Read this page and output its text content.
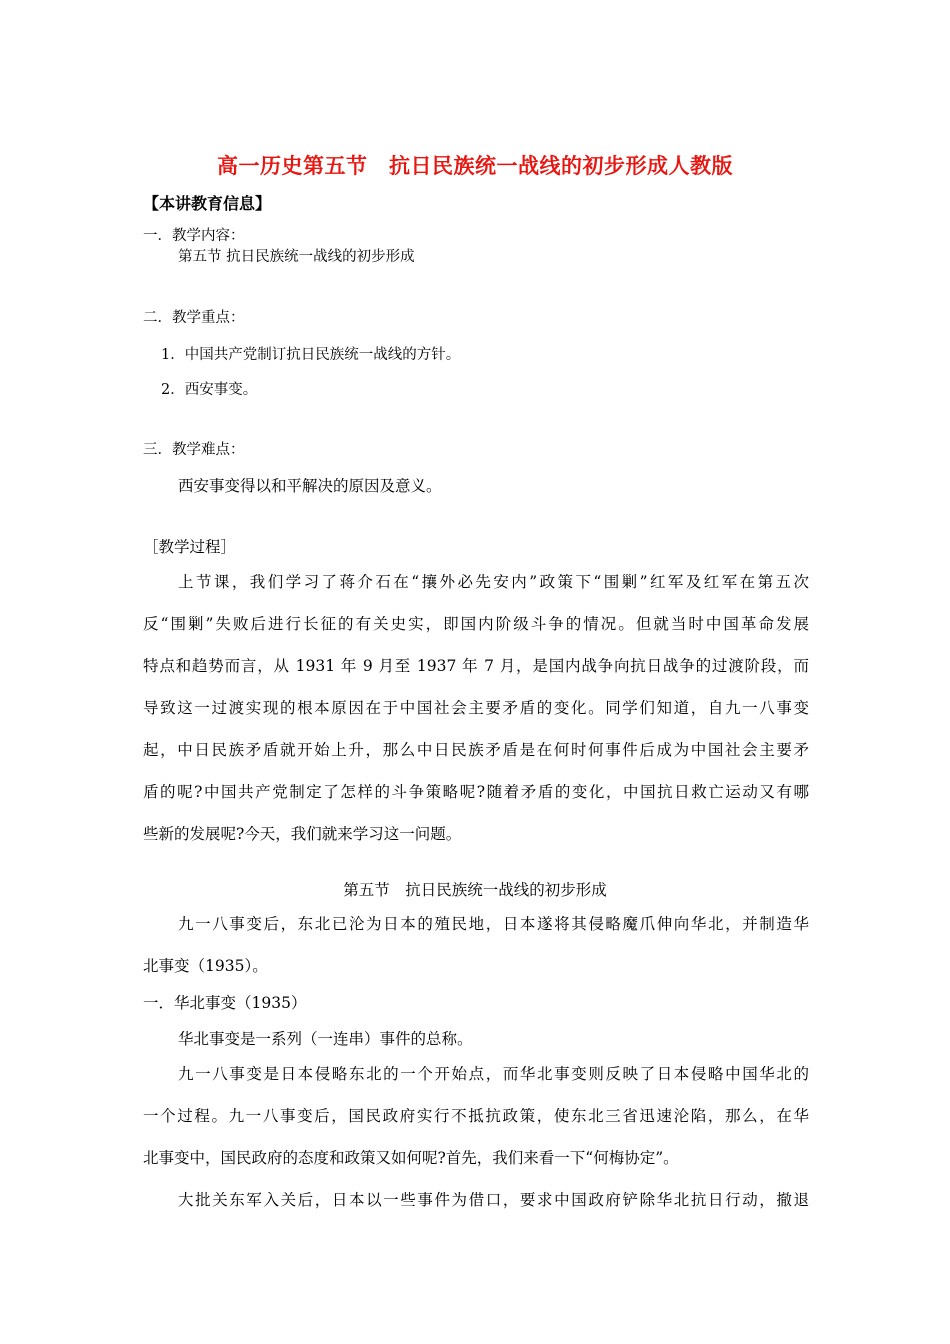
高一历史第五节　抗日民族统一战线的初步形成人教版
【本讲教育信息】
一．教学内容：
第五节 抗日民族统一战线的初步形成
二．教学重点：
1．中国共产党制订抗日民族统一战线的方针。
2．西安事变。
三．教学难点：
西安事变得以和平解决的原因及意义。
［教学过程］
上节课，我们学习了蒋介石在“攘外必先安内”政策下“围剿”红军及红军在第五次
反“围剿”失败后进行长征的有关史实，即国内阶级斗争的情况。但就当时中国革命发展
特点和趋势而言，从 1931 年 9 月至 1937 年 7 月，是国内战争向抗日战争的过渡阶段，而
导致这一过渡实现的根本原因在于中国社会主要矛盾的变化。同学们知道，自九一八事变
起，中日民族矛盾就开始上升，那么中日民族矛盾是在何时何事件后成为中国社会主要矛
盾的呢?中国共产党制定了怎样的斗争策略呢?随着矛盾的变化，中国抗日救亡运动又有哪
些新的发展呢?今天，我们就来学习这一问题。
第五节　抗日民族统一战线的初步形成
九一八事变后，东北已沦为日本的殖民地，日本遂将其侵略魔爪伸向华北，并制造华
北事变（1935）。
一．华北事变（1935）
华北事变是一系列（一连串）事件的总称。
九一八事变是日本侵略东北的一个开始点，而华北事变则反映了日本侵略中国华北的
一个过程。九一八事变后，国民政府实行不抵抗政策，使东北三省迅速沦陷，那么，在华
北事变中，国民政府的态度和政策又如何呢?首先，我们来看一下“何梅协定”。
大批关东军入关后，日本以一些事件为借口，要求中国政府铲除华北抗日行动，撤退
